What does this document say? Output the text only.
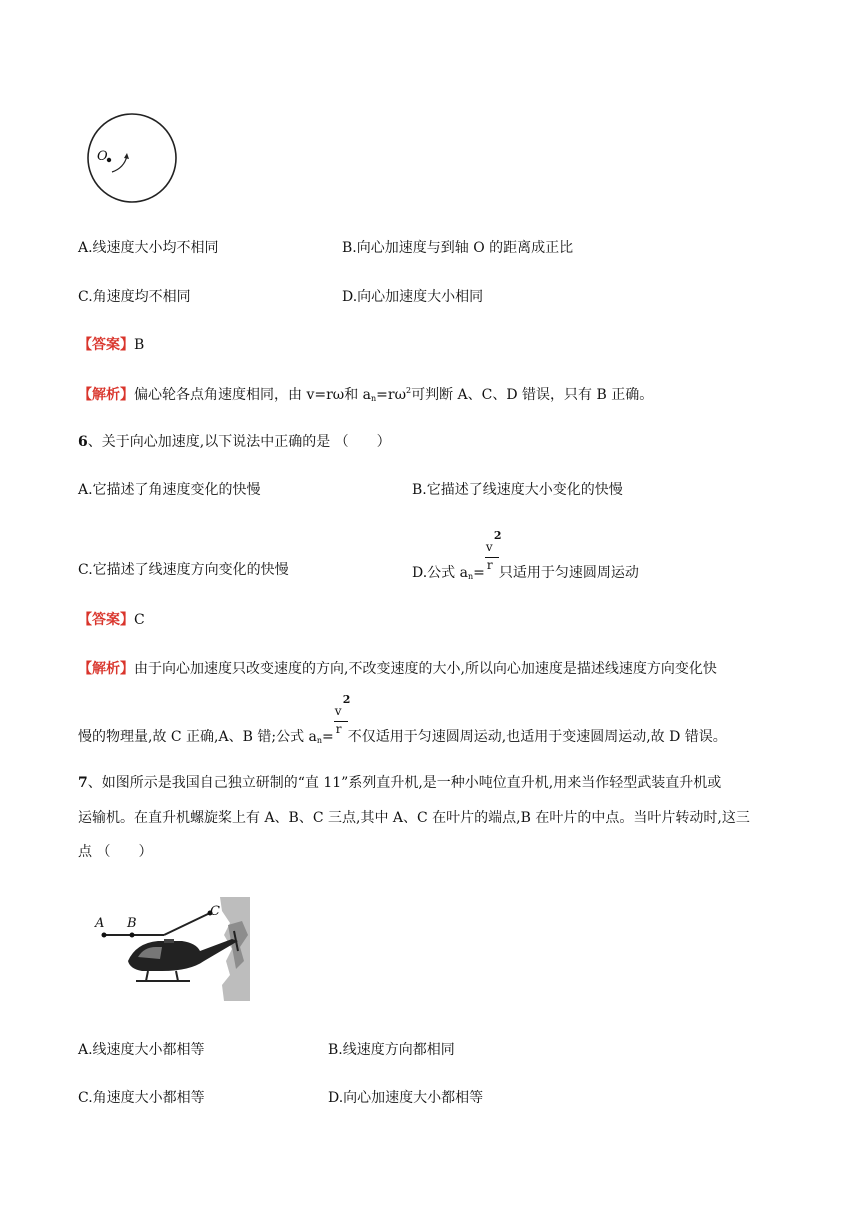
O
A.线速度大小均不相同	B.向心加速度与到轴 O 的距离成正比
C.角速度均不相同	D.向心加速度大小相同
【答案】B
【解析】偏心轮各点角速度相同，由 v=rω和 $a_n=r\omega^2$可判断 A、C、D 错误，只有 B 正确。
6、关于向心加速度,以下说法中正确的是 （　　）
A.它描述了角速度变化的快慢	B.它描述了线速度大小变化的快慢
C.它描述了线速度方向变化的快慢	D.公式 $a_n= v$
2
r 只适用于匀速圆周运动
【答案】C
【解析】由于向心加速度只改变速度的方向,不改变速度的大小,所以向心加速度是描述线速度方向变化快
慢的物理量,故 C 正确,A、B 错;公式 $a_n= v$
2
r 不仅适用于匀速圆周运动,也适用于变速圆周运动,故 D 错误。
7、如图所示是我国自己独立研制的“直 11”系列直升机,是一种小吨位直升机,用来当作轻型武装直升机或
运输机。在直升机螺旋桨上有 A、B、C 三点,其中 A、C 在叶片的端点,B 在叶片的中点。当叶片转动时,这三
点 （　　）
A B
C
A.线速度大小都相等	B.线速度方向都相同
C.角速度大小都相等	D.向心加速度大小都相等
